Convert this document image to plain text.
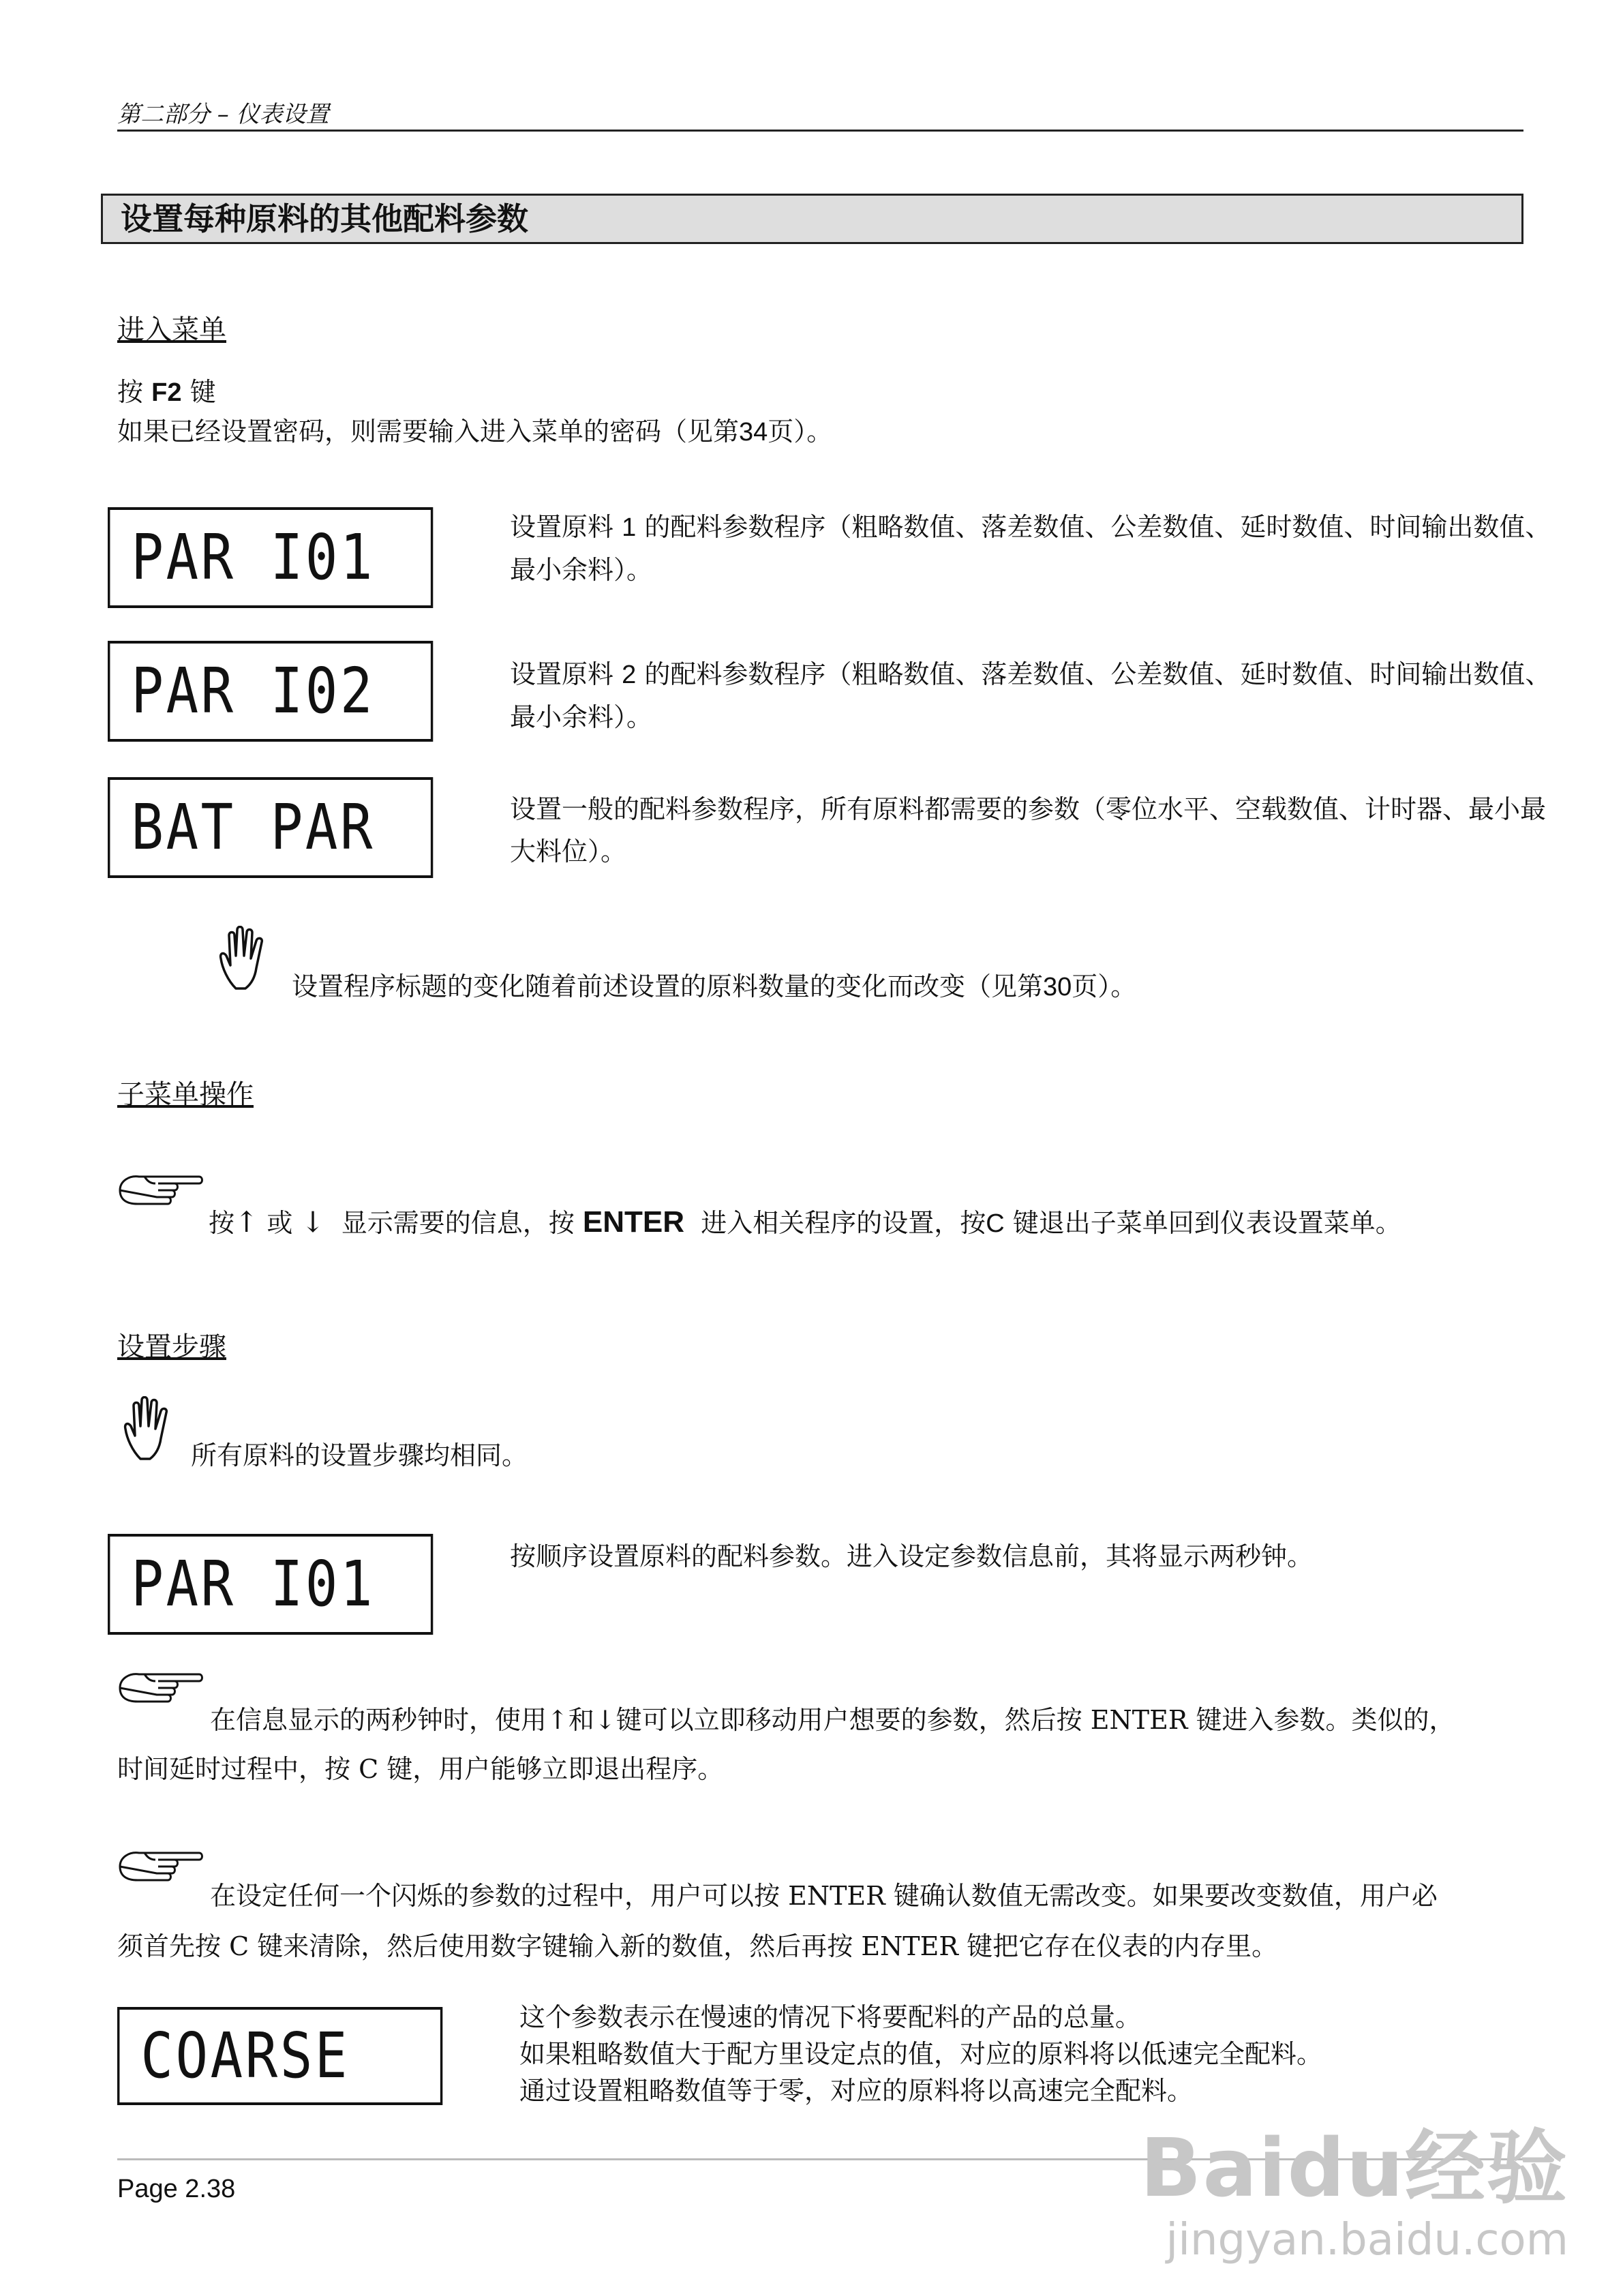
第二部分 – 仪表设置
设置每种原料的其他配料参数
进入菜单
按 F2 键
如果已经设置密码，则需要输入进入菜单的密码（见第34页）。
PAR I01	设置原料 1 的配料参数程序（粗略数值、落差数值、公差数值、延时数值、时间输出数值、最小余料）。
PAR I02	设置原料 2 的配料参数程序（粗略数值、落差数值、公差数值、延时数值、时间输出数值、最小余料）。
BAT PAR	设置一般的配料参数程序，所有原料都需要的参数（零位水平、空载数值、计时器、最小最大料位）。
设置程序标题的变化随着前述设置的原料数量的变化而改变（见第30页）。
子菜单操作
按↑ 或 ↓ 显示需要的信息，按 ENTER 进入相关程序的设置，按C 键退出子菜单回到仪表设置菜单。
设置步骤
所有原料的设置步骤均相同。
PAR I01	按顺序设置原料的配料参数。进入设定参数信息前，其将显示两秒钟。
在信息显示的两秒钟时，使用↑和↓键可以立即移动用户想要的参数，然后按 ENTER 键进入参数。类似的，
时间延时过程中，按 C 键，用户能够立即退出程序。
在设定任何一个闪烁的参数的过程中，用户可以按 ENTER 键确认数值无需改变。如果要改变数值，用户必
须首先按 C 键来清除，然后使用数字键输入新的数值，然后再按 ENTER 键把它存在仪表的内存里。
COARSE
这个参数表示在慢速的情况下将要配料的产品的总量。
如果粗略数值大于配方里设定点的值，对应的原料将以低速完全配料。
通过设置粗略数值等于零，对应的原料将以高速完全配料。
Page 2.38	Baidu经验
jingyan.baidu.com
